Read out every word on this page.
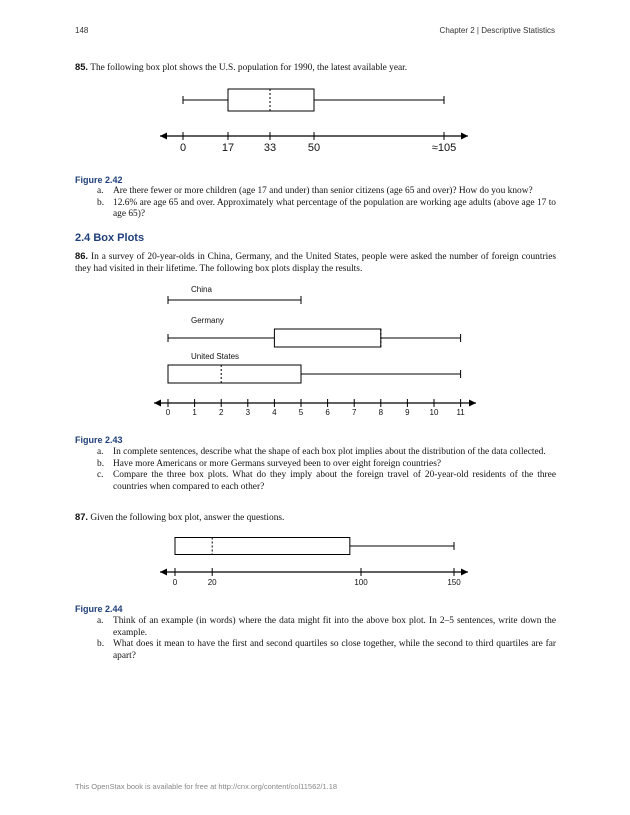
148	Chapter 2 | Descriptive Statistics
85. The following box plot shows the U.S. population for 1990, the latest available year.
0	17	33	50	≈105
Figure 2.42
a. Are there fewer or more children (age 17 and under) than senior citizens (age 65 and over)? How do you know?
b. 12.6% are age 65 and over. Approximately what percentage of the population are working age adults (above age 17 to age 65)?
2.4 Box Plots
86. In a survey of 20-year-olds in China, Germany, and the United States, people were asked the number of foreign countries they had visited in their lifetime. The following box plots display the results.
China
Germany
United States
0	1	2	3	4	5	6	7	8	9 10 11
Figure 2.43
a. In complete sentences, describe what the shape of each box plot implies about the distribution of the data collected.
b. Have more Americans or more Germans surveyed been to over eight foreign countries?
c. Compare the three box plots. What do they imply about the foreign travel of 20-year-old residents of the three countries when compared to each other?
87. Given the following box plot, answer the questions.
0	20	100	150
Figure 2.44
a. Think of an example (in words) where the data might fit into the above box plot. In 2–5 sentences, write down the example.
b. What does it mean to have the first and second quartiles so close together, while the second to third quartiles are far apart?
This OpenStax book is available for free at http://cnx.org/content/col11562/1.18
